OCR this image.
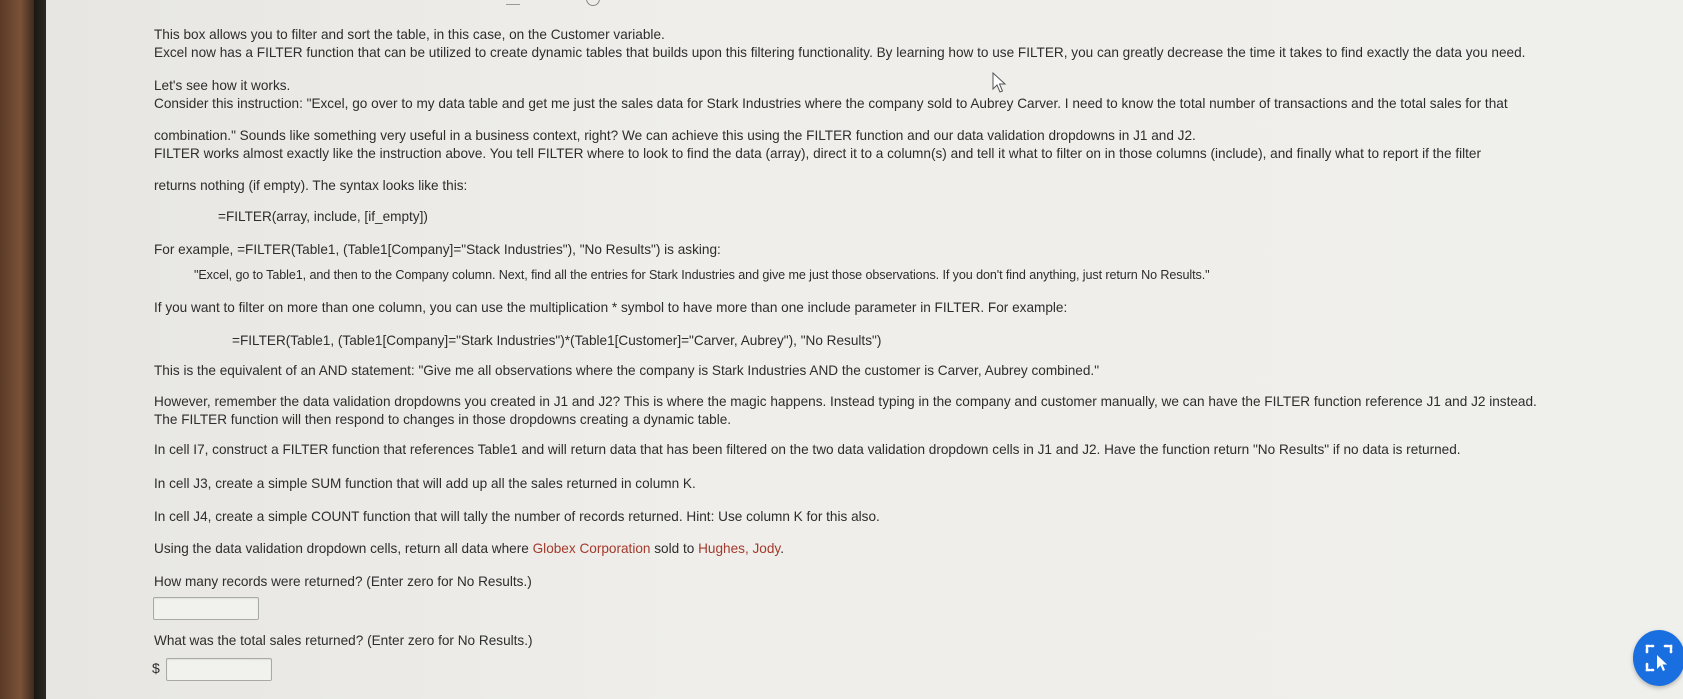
This box allows you to filter and sort the table, in this case, on the Customer variable.

Excel now has a FILTER function that can be utilized to create dynamic tables that builds upon this filtering functionality. By learning how to use FILTER, you can greatly decrease the time it takes to find exactly the data you need.

Let's see how it works.

Consider this instruction: "Excel, go over to my data table and get me just the sales data for Stark Industries where the company sold to Aubrey Carver. I need to know the total number of transactions and the total sales for that

combination." Sounds like something very useful in a business context, right? We can achieve this using the FILTER function and our data validation dropdowns in J1 and J2.

FILTER works almost exactly like the instruction above. You tell FILTER where to look to find the data (array), direct it to a column(s) and tell it what to filter on in those columns (include), and finally what to report if the filter

returns nothing (if empty). The syntax looks like this:

=FILTER(array, include, [if_empty])

For example, =FILTER(Table1, (Table1[Company]="Stack Industries"), "No Results") is asking:

"Excel, go to Table1, and then to the Company column. Next, find all the entries for Stark Industries and give me just those observations. If you don't find anything, just return No Results."

If you want to filter on more than one column, you can use the multiplication * symbol to have more than one include parameter in FILTER. For example:

=FILTER(Table1, (Table1[Company]="Stark Industries")*(Table1[Customer]="Carver, Aubrey"), "No Results")

This is the equivalent of an AND statement: "Give me all observations where the company is Stark Industries AND the customer is Carver, Aubrey combined."

However, remember the data validation dropdowns you created in J1 and J2? This is where the magic happens. Instead typing in the company and customer manually, we can have the FILTER function reference J1 and J2 instead.

The FILTER function will then respond to changes in those dropdowns creating a dynamic table.

In cell I7, construct a FILTER function that references Table1 and will return data that has been filtered on the two data validation dropdown cells in J1 and J2. Have the function return "No Results" if no data is returned.

In cell J3, create a simple SUM function that will add up all the sales returned in column K.

In cell J4, create a simple COUNT function that will tally the number of records returned. Hint: Use column K for this also.

Using the data validation dropdown cells, return all data where Globex Corporation sold to Hughes, Jody.

How many records were returned? (Enter zero for No Results.)

What was the total sales returned? (Enter zero for No Results.)

$
